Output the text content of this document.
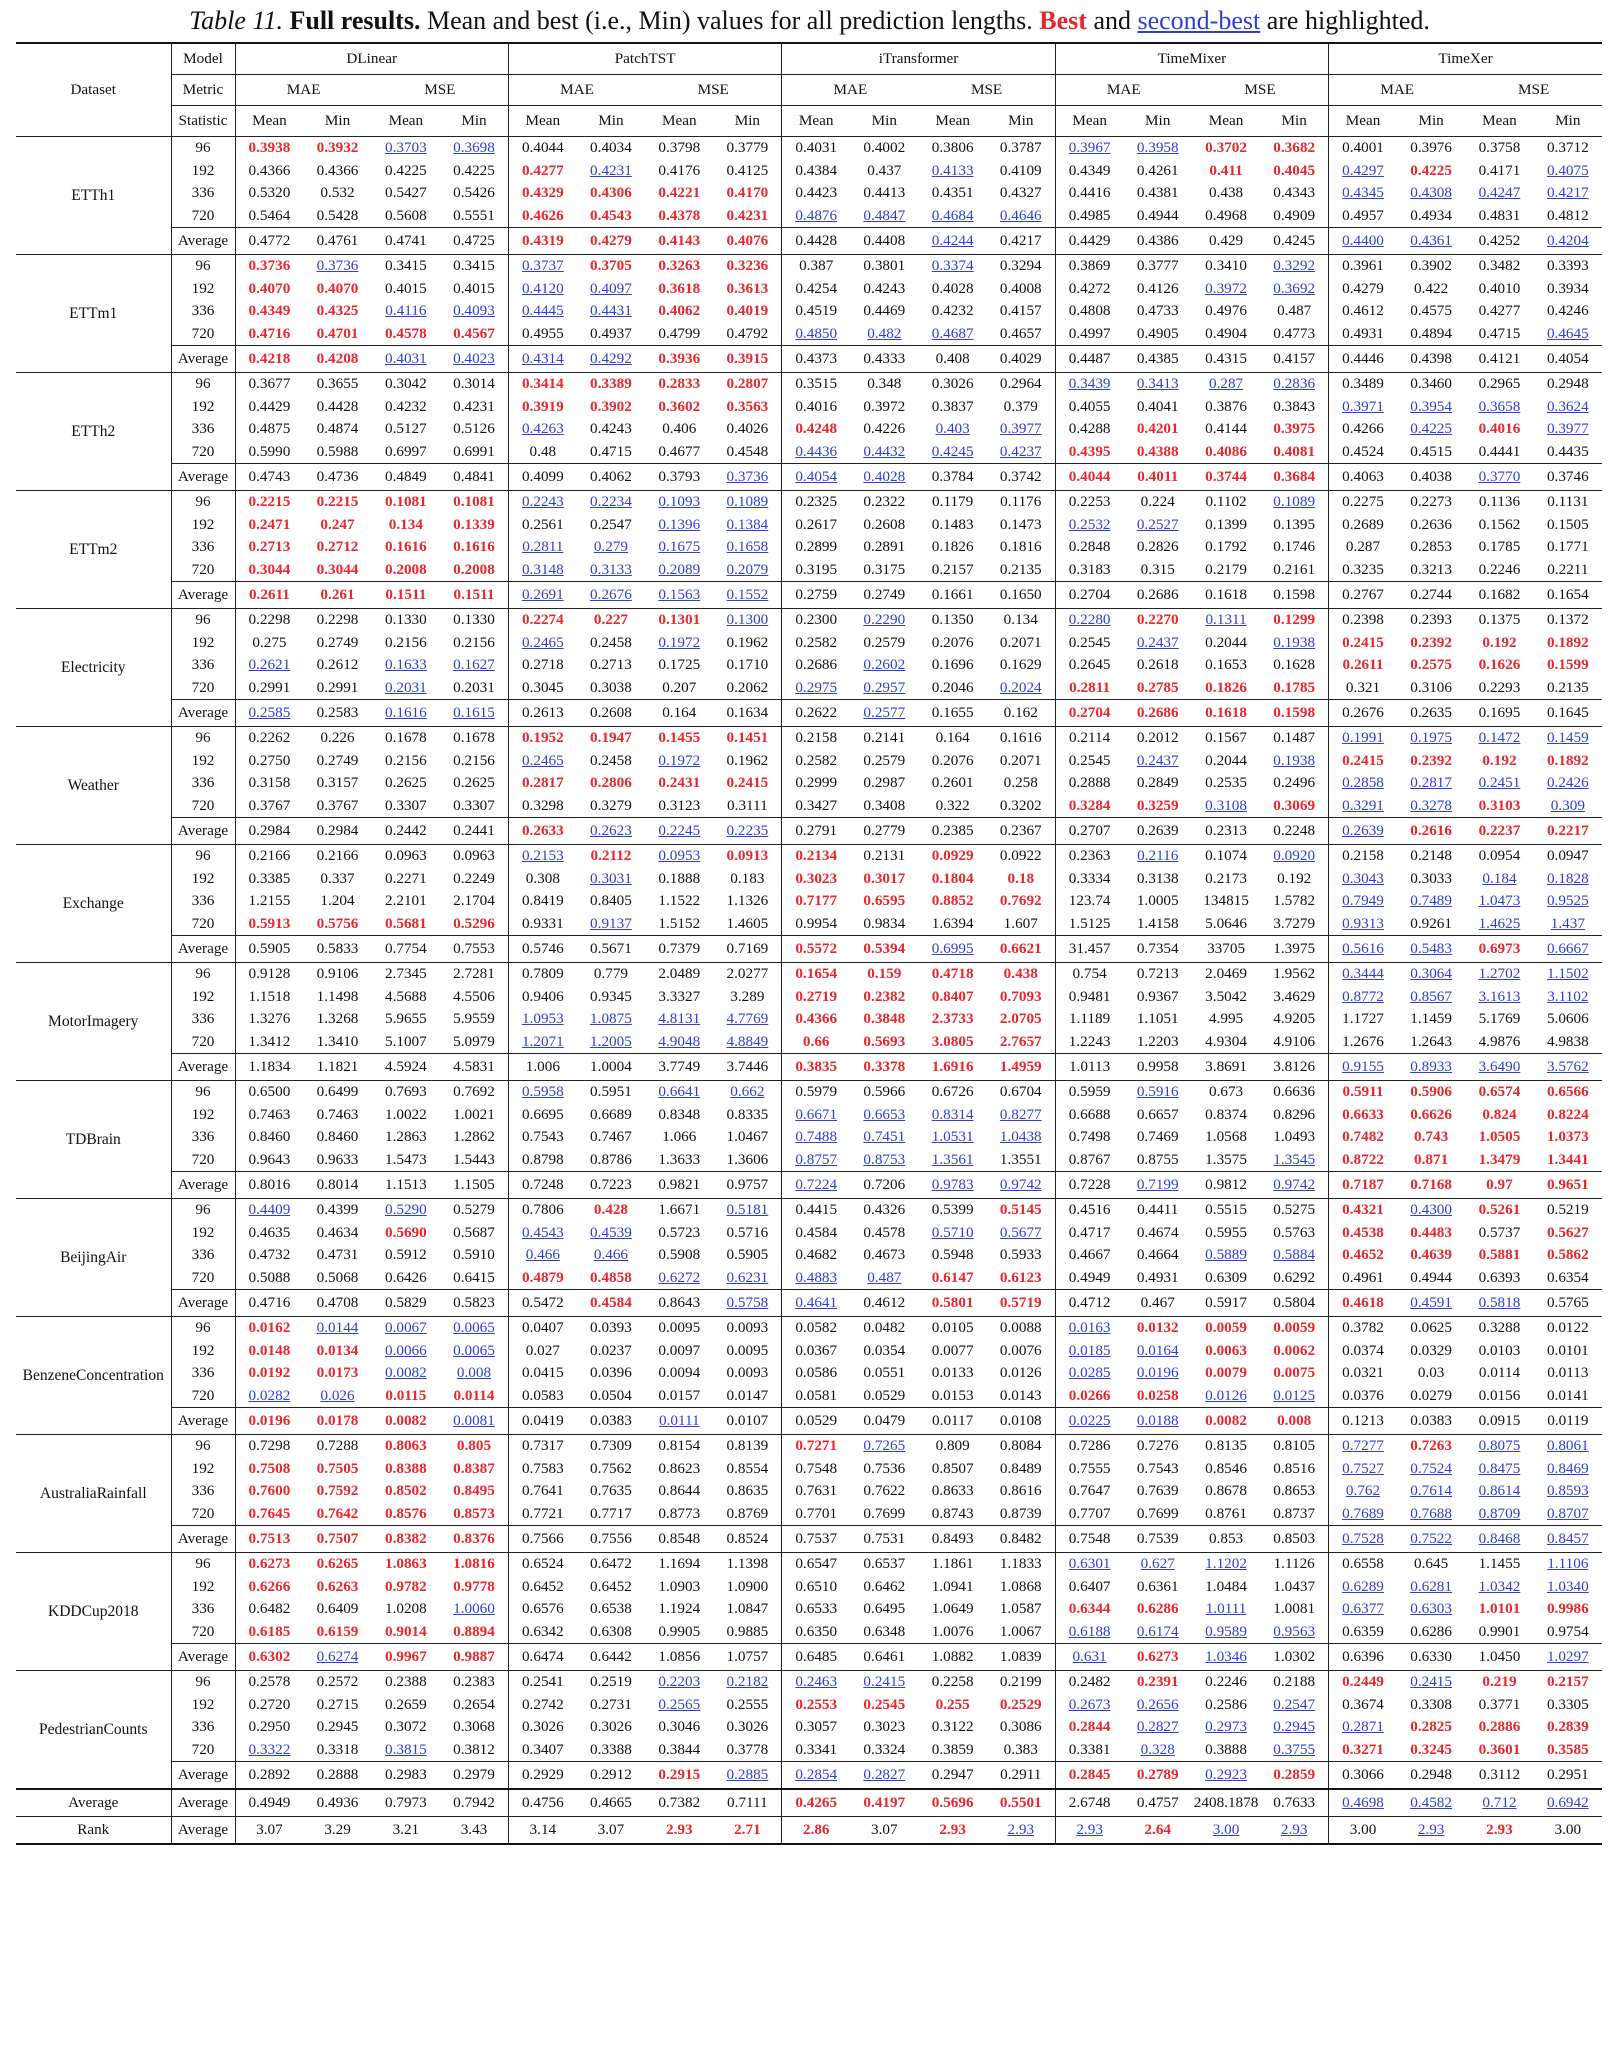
Table 11. Full results. Mean and best (i.e., Min) values for all prediction lengths. Best and second-best are highlighted.
Dataset	Model	DLinear				PatchTST				iTransformer				TimeMixer				TimeXer			
	Metric	MAE		MSE		MAE		MSE		MAE		MSE		MAE		MSE		MAE		MSE	
	Statistic	Mean	Min	Mean	Min	Mean	Min	Mean	Min	Mean	Min	Mean	Min	Mean	Min	Mean	Min	Mean	Min	Mean	Min
ETTh1	96	0.3938	0.3932	0.3703	0.3698	0.4044	0.4034	0.3798	0.3779	0.4031	0.4002	0.3806	0.3787	0.3967	0.3958	0.3702	0.3682	0.4001	0.3976	0.3758	0.3712
	192	0.4366	0.4366	0.4225	0.4225	0.4277	0.4231	0.4176	0.4125	0.4384	0.437	0.4133	0.4109	0.4349	0.4261	0.411	0.4045	0.4297	0.4225	0.4171	0.4075
	336	0.5320	0.532	0.5427	0.5426	0.4329	0.4306	0.4221	0.4170	0.4423	0.4413	0.4351	0.4327	0.4416	0.4381	0.438	0.4343	0.4345	0.4308	0.4247	0.4217
	720	0.5464	0.5428	0.5608	0.5551	0.4626	0.4543	0.4378	0.4231	0.4876	0.4847	0.4684	0.4646	0.4985	0.4944	0.4968	0.4909	0.4957	0.4934	0.4831	0.4812
	Average	0.4772	0.4761	0.4741	0.4725	0.4319	0.4279	0.4143	0.4076	0.4428	0.4408	0.4244	0.4217	0.4429	0.4386	0.429	0.4245	0.4400	0.4361	0.4252	0.4204
ETTm1	96	0.3736	0.3736	0.3415	0.3415	0.3737	0.3705	0.3263	0.3236	0.387	0.3801	0.3374	0.3294	0.3869	0.3777	0.3410	0.3292	0.3961	0.3902	0.3482	0.3393
	192	0.4070	0.4070	0.4015	0.4015	0.4120	0.4097	0.3618	0.3613	0.4254	0.4243	0.4028	0.4008	0.4272	0.4126	0.3972	0.3692	0.4279	0.422	0.4010	0.3934
	336	0.4349	0.4325	0.4116	0.4093	0.4445	0.4431	0.4062	0.4019	0.4519	0.4469	0.4232	0.4157	0.4808	0.4733	0.4976	0.487	0.4612	0.4575	0.4277	0.4246
	720	0.4716	0.4701	0.4578	0.4567	0.4955	0.4937	0.4799	0.4792	0.4850	0.482	0.4687	0.4657	0.4997	0.4905	0.4904	0.4773	0.4931	0.4894	0.4715	0.4645
	Average	0.4218	0.4208	0.4031	0.4023	0.4314	0.4292	0.3936	0.3915	0.4373	0.4333	0.408	0.4029	0.4487	0.4385	0.4315	0.4157	0.4446	0.4398	0.4121	0.4054
ETTh2	96	0.3677	0.3655	0.3042	0.3014	0.3414	0.3389	0.2833	0.2807	0.3515	0.348	0.3026	0.2964	0.3439	0.3413	0.287	0.2836	0.3489	0.3460	0.2965	0.2948
	192	0.4429	0.4428	0.4232	0.4231	0.3919	0.3902	0.3602	0.3563	0.4016	0.3972	0.3837	0.379	0.4055	0.4041	0.3876	0.3843	0.3971	0.3954	0.3658	0.3624
	336	0.4875	0.4874	0.5127	0.5126	0.4263	0.4243	0.406	0.4026	0.4248	0.4226	0.403	0.3977	0.4288	0.4201	0.4144	0.3975	0.4266	0.4225	0.4016	0.3977
	720	0.5990	0.5988	0.6997	0.6991	0.48	0.4715	0.4677	0.4548	0.4436	0.4432	0.4245	0.4237	0.4395	0.4388	0.4086	0.4081	0.4524	0.4515	0.4441	0.4435
	Average	0.4743	0.4736	0.4849	0.4841	0.4099	0.4062	0.3793	0.3736	0.4054	0.4028	0.3784	0.3742	0.4044	0.4011	0.3744	0.3684	0.4063	0.4038	0.3770	0.3746
ETTm2	96	0.2215	0.2215	0.1081	0.1081	0.2243	0.2234	0.1093	0.1089	0.2325	0.2322	0.1179	0.1176	0.2253	0.224	0.1102	0.1089	0.2275	0.2273	0.1136	0.1131
	192	0.2471	0.247	0.134	0.1339	0.2561	0.2547	0.1396	0.1384	0.2617	0.2608	0.1483	0.1473	0.2532	0.2527	0.1399	0.1395	0.2689	0.2636	0.1562	0.1505
	336	0.2713	0.2712	0.1616	0.1616	0.2811	0.279	0.1675	0.1658	0.2899	0.2891	0.1826	0.1816	0.2848	0.2826	0.1792	0.1746	0.287	0.2853	0.1785	0.1771
	720	0.3044	0.3044	0.2008	0.2008	0.3148	0.3133	0.2089	0.2079	0.3195	0.3175	0.2157	0.2135	0.3183	0.315	0.2179	0.2161	0.3235	0.3213	0.2246	0.2211
	Average	0.2611	0.261	0.1511	0.1511	0.2691	0.2676	0.1563	0.1552	0.2759	0.2749	0.1661	0.1650	0.2704	0.2686	0.1618	0.1598	0.2767	0.2744	0.1682	0.1654
Electricity	96	0.2298	0.2298	0.1330	0.1330	0.2274	0.227	0.1301	0.1300	0.2300	0.2290	0.1350	0.134	0.2280	0.2270	0.1311	0.1299	0.2398	0.2393	0.1375	0.1372
	192	0.275	0.2749	0.2156	0.2156	0.2465	0.2458	0.1972	0.1962	0.2582	0.2579	0.2076	0.2071	0.2545	0.2437	0.2044	0.1938	0.2415	0.2392	0.192	0.1892
	336	0.2621	0.2612	0.1633	0.1627	0.2718	0.2713	0.1725	0.1710	0.2686	0.2602	0.1696	0.1629	0.2645	0.2618	0.1653	0.1628	0.2611	0.2575	0.1626	0.1599
	720	0.2991	0.2991	0.2031	0.2031	0.3045	0.3038	0.207	0.2062	0.2975	0.2957	0.2046	0.2024	0.2811	0.2785	0.1826	0.1785	0.321	0.3106	0.2293	0.2135
	Average	0.2585	0.2583	0.1616	0.1615	0.2613	0.2608	0.164	0.1634	0.2622	0.2577	0.1655	0.162	0.2704	0.2686	0.1618	0.1598	0.2676	0.2635	0.1695	0.1645
Weather	96	0.2262	0.226	0.1678	0.1678	0.1952	0.1947	0.1455	0.1451	0.2158	0.2141	0.164	0.1616	0.2114	0.2012	0.1567	0.1487	0.1991	0.1975	0.1472	0.1459
	192	0.2750	0.2749	0.2156	0.2156	0.2465	0.2458	0.1972	0.1962	0.2582	0.2579	0.2076	0.2071	0.2545	0.2437	0.2044	0.1938	0.2415	0.2392	0.192	0.1892
	336	0.3158	0.3157	0.2625	0.2625	0.2817	0.2806	0.2431	0.2415	0.2999	0.2987	0.2601	0.258	0.2888	0.2849	0.2535	0.2496	0.2858	0.2817	0.2451	0.2426
	720	0.3767	0.3767	0.3307	0.3307	0.3298	0.3279	0.3123	0.3111	0.3427	0.3408	0.322	0.3202	0.3284	0.3259	0.3108	0.3069	0.3291	0.3278	0.3103	0.309
	Average	0.2984	0.2984	0.2442	0.2441	0.2633	0.2623	0.2245	0.2235	0.2791	0.2779	0.2385	0.2367	0.2707	0.2639	0.2313	0.2248	0.2639	0.2616	0.2237	0.2217
Exchange	96	0.2166	0.2166	0.0963	0.0963	0.2153	0.2112	0.0953	0.0913	0.2134	0.2131	0.0929	0.0922	0.2363	0.2116	0.1074	0.0920	0.2158	0.2148	0.0954	0.0947
	192	0.3385	0.337	0.2271	0.2249	0.308	0.3031	0.1888	0.183	0.3023	0.3017	0.1804	0.18	0.3334	0.3138	0.2173	0.192	0.3043	0.3033	0.184	0.1828
	336	1.2155	1.204	2.2101	2.1704	0.8419	0.8405	1.1522	1.1326	0.7177	0.6595	0.8852	0.7692	123.74	1.0005	134815	1.5782	0.7949	0.7489	1.0473	0.9525
	720	0.5913	0.5756	0.5681	0.5296	0.9331	0.9137	1.5152	1.4605	0.9954	0.9834	1.6394	1.607	1.5125	1.4158	5.0646	3.7279	0.9313	0.9261	1.4625	1.437
	Average	0.5905	0.5833	0.7754	0.7553	0.5746	0.5671	0.7379	0.7169	0.5572	0.5394	0.6995	0.6621	31.457	0.7354	33705	1.3975	0.5616	0.5483	0.6973	0.6667
MotorImagery	96	0.9128	0.9106	2.7345	2.7281	0.7809	0.779	2.0489	2.0277	0.1654	0.159	0.4718	0.438	0.754	0.7213	2.0469	1.9562	0.3444	0.3064	1.2702	1.1502
	192	1.1518	1.1498	4.5688	4.5506	0.9406	0.9345	3.3327	3.289	0.2719	0.2382	0.8407	0.7093	0.9481	0.9367	3.5042	3.4629	0.8772	0.8567	3.1613	3.1102
	336	1.3276	1.3268	5.9655	5.9559	1.0953	1.0875	4.8131	4.7769	0.4366	0.3848	2.3733	2.0705	1.1189	1.1051	4.995	4.9205	1.1727	1.1459	5.1769	5.0606
	720	1.3412	1.3410	5.1007	5.0979	1.2071	1.2005	4.9048	4.8849	0.66	0.5693	3.0805	2.7657	1.2243	1.2203	4.9304	4.9106	1.2676	1.2643	4.9876	4.9838
	Average	1.1834	1.1821	4.5924	4.5831	1.006	1.0004	3.7749	3.7446	0.3835	0.3378	1.6916	1.4959	1.0113	0.9958	3.8691	3.8126	0.9155	0.8933	3.6490	3.5762
TDBrain	96	0.6500	0.6499	0.7693	0.7692	0.5958	0.5951	0.6641	0.662	0.5979	0.5966	0.6726	0.6704	0.5959	0.5916	0.673	0.6636	0.5911	0.5906	0.6574	0.6566
	192	0.7463	0.7463	1.0022	1.0021	0.6695	0.6689	0.8348	0.8335	0.6671	0.6653	0.8314	0.8277	0.6688	0.6657	0.8374	0.8296	0.6633	0.6626	0.824	0.8224
	336	0.8460	0.8460	1.2863	1.2862	0.7543	0.7467	1.066	1.0467	0.7488	0.7451	1.0531	1.0438	0.7498	0.7469	1.0568	1.0493	0.7482	0.743	1.0505	1.0373
	720	0.9643	0.9633	1.5473	1.5443	0.8798	0.8786	1.3633	1.3606	0.8757	0.8753	1.3561	1.3551	0.8767	0.8755	1.3575	1.3545	0.8722	0.871	1.3479	1.3441
	Average	0.8016	0.8014	1.1513	1.1505	0.7248	0.7223	0.9821	0.9757	0.7224	0.7206	0.9783	0.9742	0.7228	0.7199	0.9812	0.9742	0.7187	0.7168	0.97	0.9651
BeijingAir	96	0.4409	0.4399	0.5290	0.5279	0.7806	0.428	1.6671	0.5181	0.4415	0.4326	0.5399	0.5145	0.4516	0.4411	0.5515	0.5275	0.4321	0.4300	0.5261	0.5219
	192	0.4635	0.4634	0.5690	0.5687	0.4543	0.4539	0.5723	0.5716	0.4584	0.4578	0.5710	0.5677	0.4717	0.4674	0.5955	0.5763	0.4538	0.4483	0.5737	0.5627
	336	0.4732	0.4731	0.5912	0.5910	0.466	0.466	0.5908	0.5905	0.4682	0.4673	0.5948	0.5933	0.4667	0.4664	0.5889	0.5884	0.4652	0.4639	0.5881	0.5862
	720	0.5088	0.5068	0.6426	0.6415	0.4879	0.4858	0.6272	0.6231	0.4883	0.487	0.6147	0.6123	0.4949	0.4931	0.6309	0.6292	0.4961	0.4944	0.6393	0.6354
	Average	0.4716	0.4708	0.5829	0.5823	0.5472	0.4584	0.8643	0.5758	0.4641	0.4612	0.5801	0.5719	0.4712	0.467	0.5917	0.5804	0.4618	0.4591	0.5818	0.5765
BenzeneConcentration	96	0.0162	0.0144	0.0067	0.0065	0.0407	0.0393	0.0095	0.0093	0.0582	0.0482	0.0105	0.0088	0.0163	0.0132	0.0059	0.0059	0.3782	0.0625	0.3288	0.0122
	192	0.0148	0.0134	0.0066	0.0065	0.027	0.0237	0.0097	0.0095	0.0367	0.0354	0.0077	0.0076	0.0185	0.0164	0.0063	0.0062	0.0374	0.0329	0.0103	0.0101
	336	0.0192	0.0173	0.0082	0.008	0.0415	0.0396	0.0094	0.0093	0.0586	0.0551	0.0133	0.0126	0.0285	0.0196	0.0079	0.0075	0.0321	0.03	0.0114	0.0113
	720	0.0282	0.026	0.0115	0.0114	0.0583	0.0504	0.0157	0.0147	0.0581	0.0529	0.0153	0.0143	0.0266	0.0258	0.0126	0.0125	0.0376	0.0279	0.0156	0.0141
	Average	0.0196	0.0178	0.0082	0.0081	0.0419	0.0383	0.0111	0.0107	0.0529	0.0479	0.0117	0.0108	0.0225	0.0188	0.0082	0.008	0.1213	0.0383	0.0915	0.0119
AustraliaRainfall	96	0.7298	0.7288	0.8063	0.805	0.7317	0.7309	0.8154	0.8139	0.7271	0.7265	0.809	0.8084	0.7286	0.7276	0.8135	0.8105	0.7277	0.7263	0.8075	0.8061
	192	0.7508	0.7505	0.8388	0.8387	0.7583	0.7562	0.8623	0.8554	0.7548	0.7536	0.8507	0.8489	0.7555	0.7543	0.8546	0.8516	0.7527	0.7524	0.8475	0.8469
	336	0.7600	0.7592	0.8502	0.8495	0.7641	0.7635	0.8644	0.8635	0.7631	0.7622	0.8633	0.8616	0.7647	0.7639	0.8678	0.8653	0.762	0.7614	0.8614	0.8593
	720	0.7645	0.7642	0.8576	0.8573	0.7721	0.7717	0.8773	0.8769	0.7701	0.7699	0.8743	0.8739	0.7707	0.7699	0.8761	0.8737	0.7689	0.7688	0.8709	0.8707
	Average	0.7513	0.7507	0.8382	0.8376	0.7566	0.7556	0.8548	0.8524	0.7537	0.7531	0.8493	0.8482	0.7548	0.7539	0.853	0.8503	0.7528	0.7522	0.8468	0.8457
KDDCup2018	96	0.6273	0.6265	1.0863	1.0816	0.6524	0.6472	1.1694	1.1398	0.6547	0.6537	1.1861	1.1833	0.6301	0.627	1.1202	1.1126	0.6558	0.645	1.1455	1.1106
	192	0.6266	0.6263	0.9782	0.9778	0.6452	0.6452	1.0903	1.0900	0.6510	0.6462	1.0941	1.0868	0.6407	0.6361	1.0484	1.0437	0.6289	0.6281	1.0342	1.0340
	336	0.6482	0.6409	1.0208	1.0060	0.6576	0.6538	1.1924	1.0847	0.6533	0.6495	1.0649	1.0587	0.6344	0.6286	1.0111	1.0081	0.6377	0.6303	1.0101	0.9986
	720	0.6185	0.6159	0.9014	0.8894	0.6342	0.6308	0.9905	0.9885	0.6350	0.6348	1.0076	1.0067	0.6188	0.6174	0.9589	0.9563	0.6359	0.6286	0.9901	0.9754
	Average	0.6302	0.6274	0.9967	0.9887	0.6474	0.6442	1.0856	1.0757	0.6485	0.6461	1.0882	1.0839	0.631	0.6273	1.0346	1.0302	0.6396	0.6330	1.0450	1.0297
PedestrianCounts	96	0.2578	0.2572	0.2388	0.2383	0.2541	0.2519	0.2203	0.2182	0.2463	0.2415	0.2258	0.2199	0.2482	0.2391	0.2246	0.2188	0.2449	0.2415	0.219	0.2157
	192	0.2720	0.2715	0.2659	0.2654	0.2742	0.2731	0.2565	0.2555	0.2553	0.2545	0.255	0.2529	0.2673	0.2656	0.2586	0.2547	0.3674	0.3308	0.3771	0.3305
	336	0.2950	0.2945	0.3072	0.3068	0.3026	0.3026	0.3046	0.3026	0.3057	0.3023	0.3122	0.3086	0.2844	0.2827	0.2973	0.2945	0.2871	0.2825	0.2886	0.2839
	720	0.3322	0.3318	0.3815	0.3812	0.3407	0.3388	0.3844	0.3778	0.3341	0.3324	0.3859	0.383	0.3381	0.328	0.3888	0.3755	0.3271	0.3245	0.3601	0.3585
	Average	0.2892	0.2888	0.2983	0.2979	0.2929	0.2912	0.2915	0.2885	0.2854	0.2827	0.2947	0.2911	0.2845	0.2789	0.2923	0.2859	0.3066	0.2948	0.3112	0.2951
Average	Average	0.4949	0.4936	0.7973	0.7942	0.4756	0.4665	0.7382	0.7111	0.4265	0.4197	0.5696	0.5501	2.6748	0.4757	2408.1878	0.7633	0.4698	0.4582	0.712	0.6942
Rank	Average	3.07	3.29	3.21	3.43	3.14	3.07	2.93	2.71	2.86	3.07	2.93	2.93	2.93	2.64	3.00	2.93	3.00	2.93	2.93	3.00
